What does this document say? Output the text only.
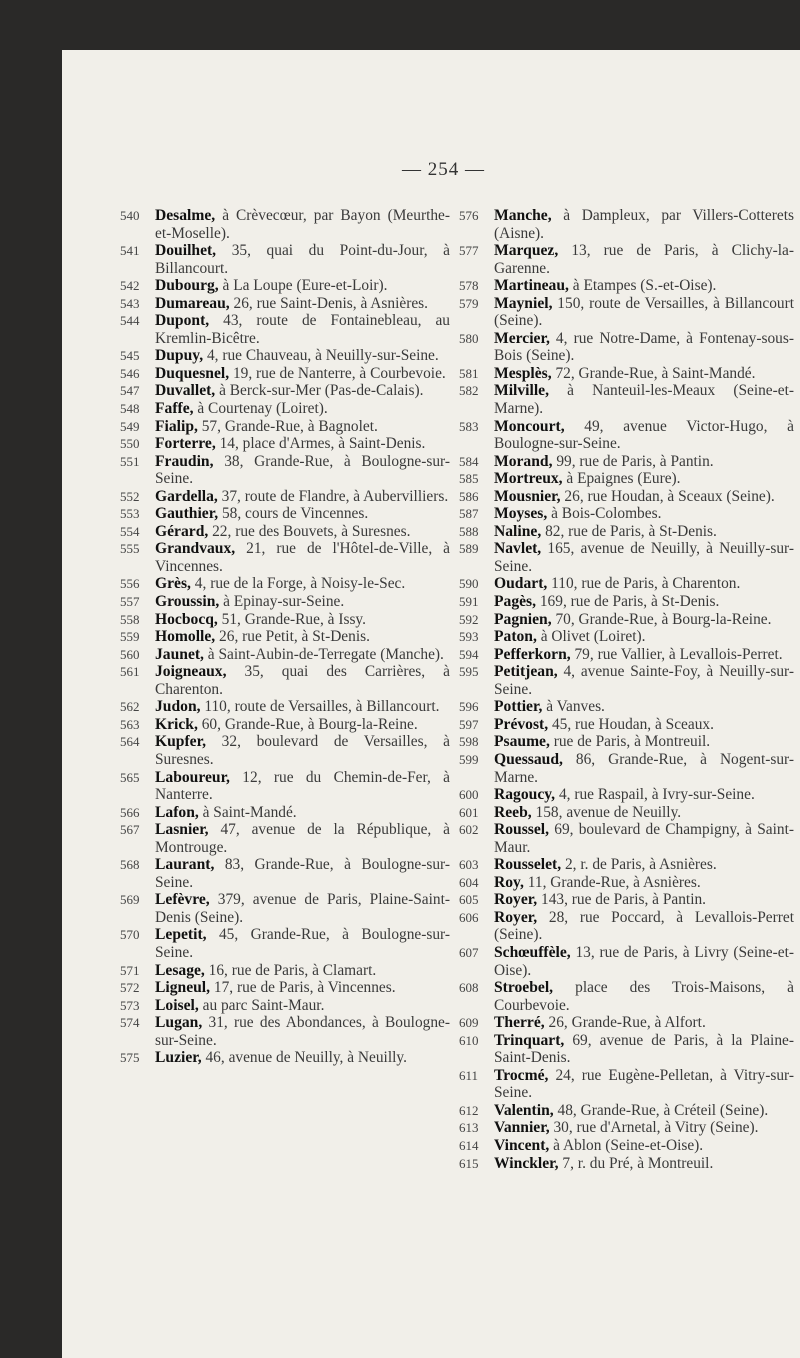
— 254 —
540 Desalme, à Crèvecœur, par Bayon (Meurthe-et-Moselle).
541 Douilhet, 35, quai du Point-du-Jour, à Billancourt.
542 Dubourg, à La Loupe (Eure-et-Loir).
543 Dumareau, 26, rue Saint-Denis, à Asnières.
544 Dupont, 43, route de Fontainebleau, au Kremlin-Bicêtre.
545 Dupuy, 4, rue Chauveau, à Neuilly-sur-Seine.
546 Duquesnel, 19, rue de Nanterre, à Courbevoie.
547 Duvallet, à Berck-sur-Mer (Pas-de-Calais).
548 Faffe, à Courtenay (Loiret).
549 Fialip, 57, Grande-Rue, à Bagnolet.
550 Forterre, 14, place d'Armes, à Saint-Denis.
551 Fraudin, 38, Grande-Rue, à Boulogne-sur-Seine.
552 Gardella, 37, route de Flandre, à Aubervilliers.
553 Gauthier, 58, cours de Vincennes.
554 Gérard, 22, rue des Bouvets, à Suresnes.
555 Grandvaux, 21, rue de l'Hôtel-de-Ville, à Vincennes.
556 Grès, 4, rue de la Forge, à Noisy-le-Sec.
557 Groussin, à Epinay-sur-Seine.
558 Hocbocq, 51, Grande-Rue, à Issy.
559 Homolle, 26, rue Petit, à St-Denis.
560 Jaunet, à Saint-Aubin-de-Terregate (Manche).
561 Joigneaux, 35, quai des Carrières, à Charenton.
562 Judon, 110, route de Versailles, à Billancourt.
563 Krick, 60, Grande-Rue, à Bourg-la-Reine.
564 Kupfer, 32, boulevard de Versailles, à Suresnes.
565 Laboureur, 12, rue du Chemin-de-Fer, à Nanterre.
566 Lafon, à Saint-Mandé.
567 Lasnier, 47, avenue de la République, à Montrouge.
568 Laurant, 83, Grande-Rue, à Boulogne-sur-Seine.
569 Lefèvre, 379, avenue de Paris, Plaine-Saint-Denis (Seine).
570 Lepetit, 45, Grande-Rue, à Boulogne-sur-Seine.
571 Lesage, 16, rue de Paris, à Clamart.
572 Ligneul, 17, rue de Paris, à Vincennes.
573 Loisel, au parc Saint-Maur.
574 Lugan, 31, rue des Abondances, à Boulogne-sur-Seine.
575 Luzier, 46, avenue de Neuilly, à Neuilly.
576 Manche, à Dampleux, par Villers-Cotterets (Aisne).
577 Marquez, 13, rue de Paris, à Clichy-la-Garenne.
578 Martineau, à Etampes (S.-et-Oise).
579 Mayniel, 150, route de Versailles, à Billancourt (Seine).
580 Mercier, 4, rue Notre-Dame, à Fontenay-sous-Bois (Seine).
581 Mesplès, 72, Grande-Rue, à Saint-Mandé.
582 Milville, à Nanteuil-les-Meaux (Seine-et-Marne).
583 Moncourt, 49, avenue Victor-Hugo, à Boulogne-sur-Seine.
584 Morand, 99, rue de Paris, à Pantin.
585 Mortreux, à Epaignes (Eure).
586 Mousnier, 26, rue Houdan, à Sceaux (Seine).
587 Moyses, à Bois-Colombes.
588 Naline, 82, rue de Paris, à St-Denis.
589 Navlet, 165, avenue de Neuilly, à Neuilly-sur-Seine.
590 Oudart, 110, rue de Paris, à Charenton.
591 Pagès, 169, rue de Paris, à St-Denis.
592 Pagnien, 70, Grande-Rue, à Bourg-la-Reine.
593 Paton, à Olivet (Loiret).
594 Pefferkorn, 79, rue Vallier, à Levallois-Perret.
595 Petitjean, 4, avenue Sainte-Foy, à Neuilly-sur-Seine.
596 Pottier, à Vanves.
597 Prévost, 45, rue Houdan, à Sceaux.
598 Psaume, rue de Paris, à Montreuil.
599 Quessaud, 86, Grande-Rue, à Nogent-sur-Marne.
600 Ragoucy, 4, rue Raspail, à Ivry-sur-Seine.
601 Reeb, 158, avenue de Neuilly.
602 Roussel, 69, boulevard de Champigny, à Saint-Maur.
603 Rousselet, 2, r. de Paris, à Asnières.
604 Roy, 11, Grande-Rue, à Asnières.
605 Royer, 143, rue de Paris, à Pantin.
606 Royer, 28, rue Poccard, à Levallois-Perret (Seine).
607 Schœuffèle, 13, rue de Paris, à Livry (Seine-et-Oise).
608 Stroebel, place des Trois-Maisons, à Courbevoie.
609 Therré, 26, Grande-Rue, à Alfort.
610 Trinquart, 69, avenue de Paris, à la Plaine-Saint-Denis.
611 Trocmé, 24, rue Eugène-Pelletan, à Vitry-sur-Seine.
612 Valentin, 48, Grande-Rue, à Créteil (Seine).
613 Vannier, 30, rue d'Arnetal, à Vitry (Seine).
614 Vincent, à Ablon (Seine-et-Oise).
615 Winckler, 7, r. du Pré, à Montreuil.
